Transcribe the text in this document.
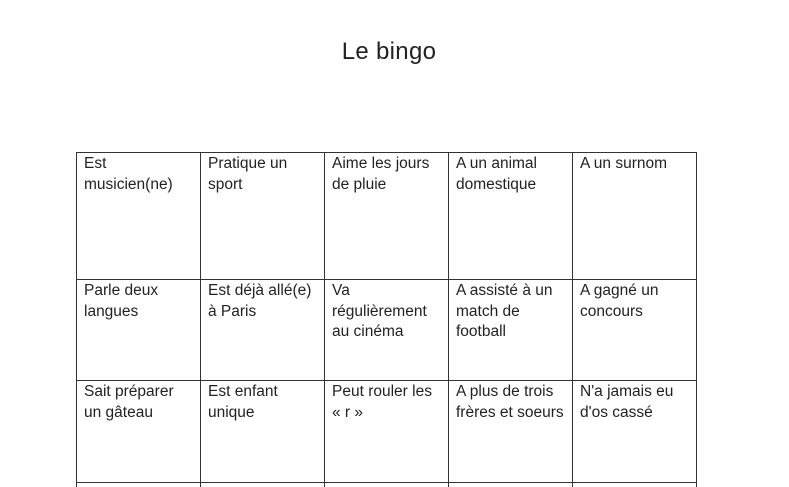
Le bingo
Est musicien(ne)	Pratique un sport	Aime les jours de pluie	A un animal domestique	A un surnom
Parle deux langues	Est déjà allé(e) à Paris	Va régulièrement au cinéma	A assisté à un match de football	A gagné un concours
Sait préparer un gâteau	Est enfant unique	Peut rouler les « r »	A plus de trois frères et soeurs	N'a jamais eu d'os cassé
